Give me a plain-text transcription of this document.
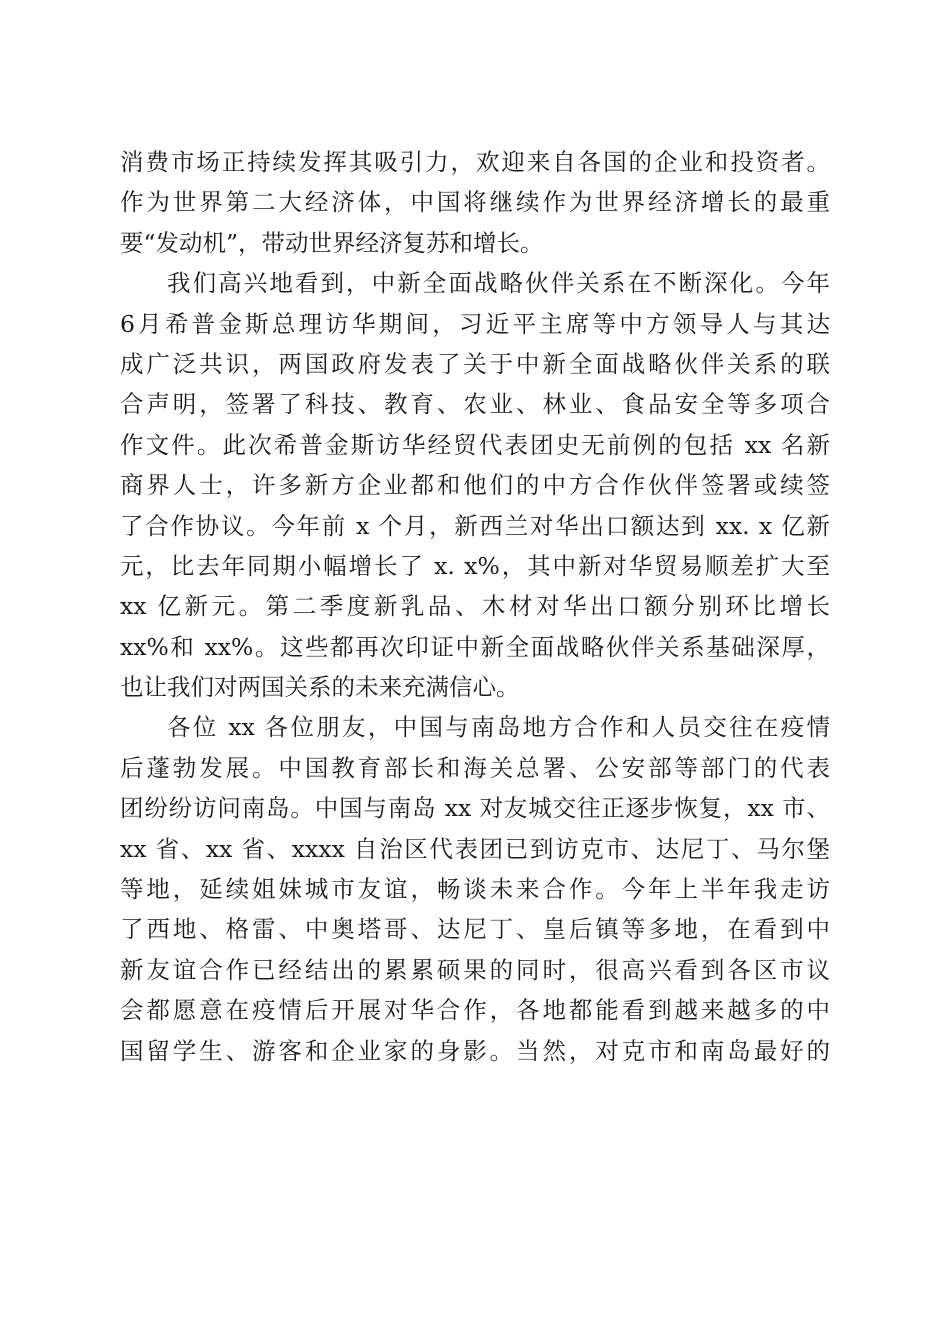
消费市场正持续发挥其吸引力，欢迎来自各国的企业和投资者。
作为世界第二大经济体，中国将继续作为世界经济增长的最重
要“发动机”，带动世界经济复苏和增长。
我们高兴地看到，中新全面战略伙伴关系在不断深化。今年
6月希普金斯总理访华期间，习近平主席等中方领导人与其达
成广泛共识，两国政府发表了关于中新全面战略伙伴关系的联
合声明，签署了科技、教育、农业、林业、食品安全等多项合
作文件。此次希普金斯访华经贸代表团史无前例的包括 xx 名新
商界人士，许多新方企业都和他们的中方合作伙伴签署或续签
了合作协议。今年前 x 个月，新西兰对华出口额达到 xx. x 亿新
元，比去年同期小幅增长了 x. x%，其中新对华贸易顺差扩大至
xx 亿新元。第二季度新乳品、木材对华出口额分别环比增长
xx%和 xx%。这些都再次印证中新全面战略伙伴关系基础深厚，
也让我们对两国关系的未来充满信心。
各位 xx 各位朋友，中国与南岛地方合作和人员交往在疫情
后蓬勃发展。中国教育部长和海关总署、公安部等部门的代表
团纷纷访问南岛。中国与南岛 xx 对友城交往正逐步恢复，xx 市、
xx 省、xx 省、xxxx 自治区代表团已到访克市、达尼丁、马尔堡
等地，延续姐妹城市友谊，畅谈未来合作。今年上半年我走访
了西地、格雷、中奥塔哥、达尼丁、皇后镇等多地，在看到中
新友谊合作已经结出的累累硕果的同时，很高兴看到各区市议
会都愿意在疫情后开展对华合作，各地都能看到越来越多的中
国留学生、游客和企业家的身影。当然，对克市和南岛最好的
